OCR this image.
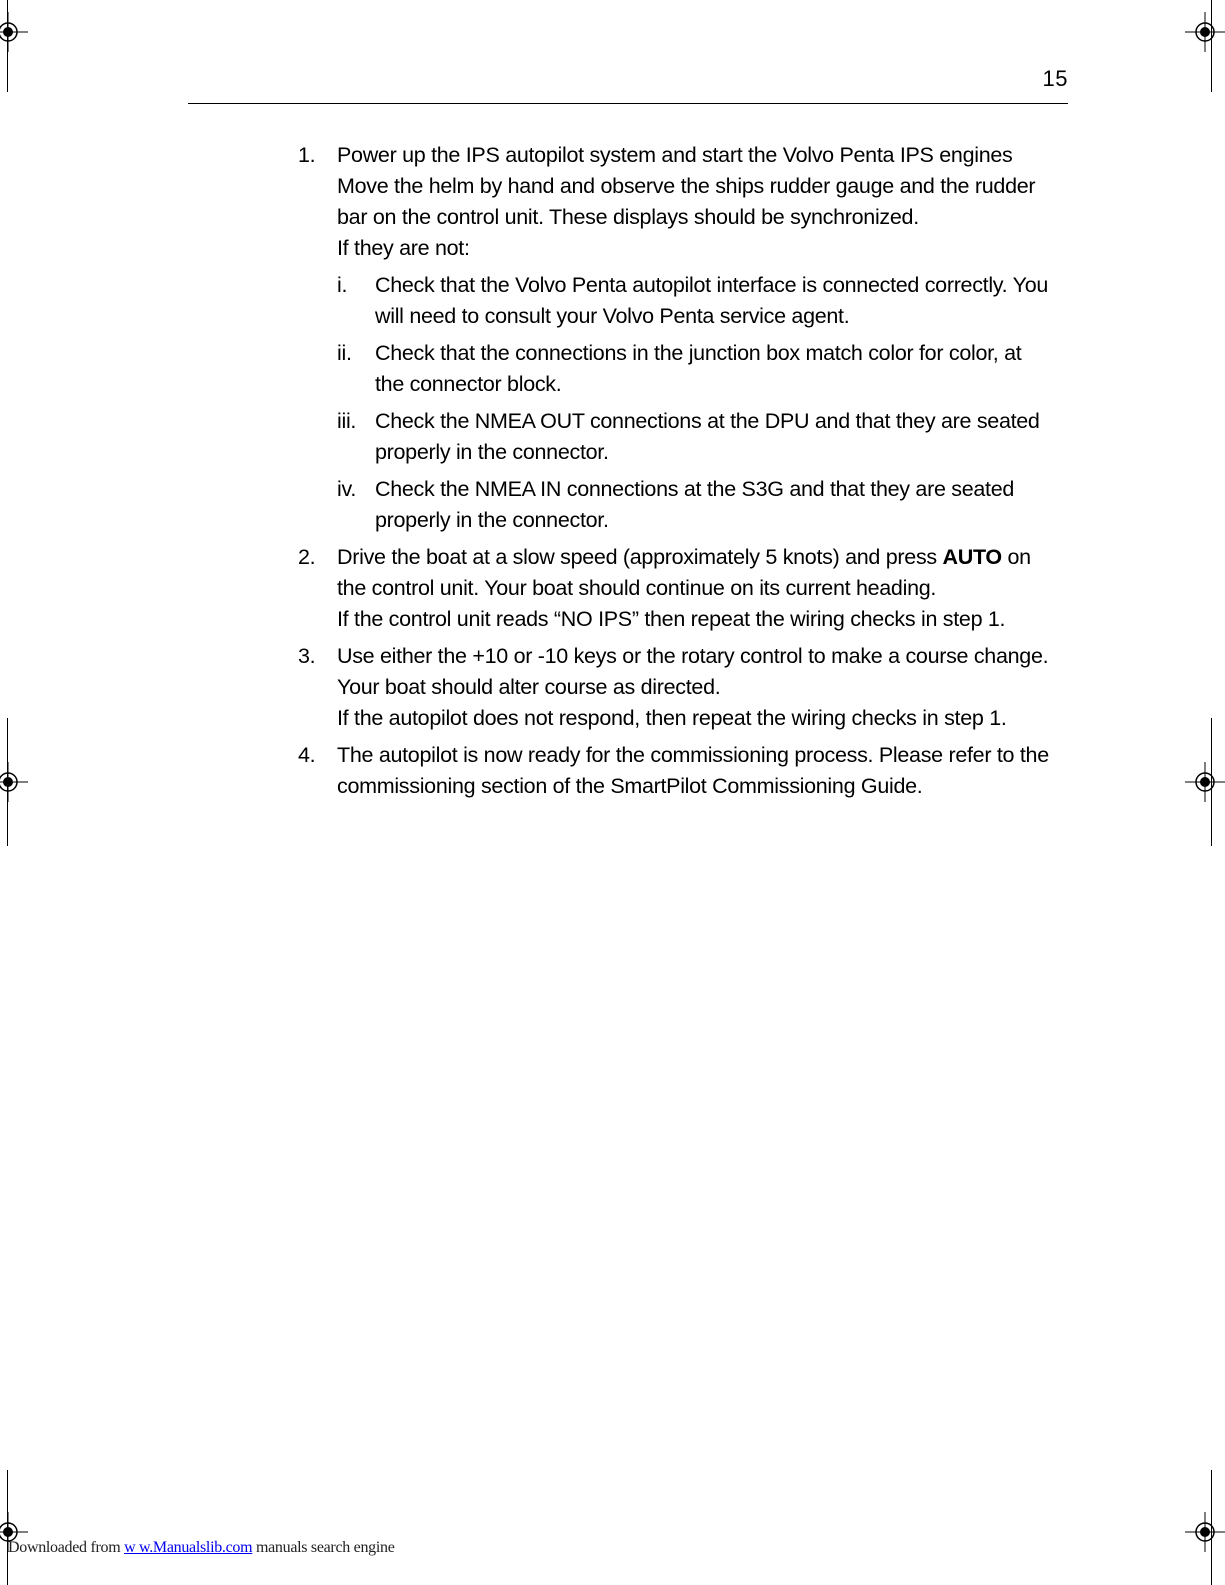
15
1. Power up the IPS autopilot system and start the Volvo Penta IPS engines
Move the helm by hand and observe the ships rudder gauge and the rudder
bar on the control unit. These displays should be synchronized.
If they are not:
i. Check that the Volvo Penta autopilot interface is connected correctly. You
will need to consult your Volvo Penta service agent.
ii. Check that the connections in the junction box match color for color, at
the connector block.
iii. Check the NMEA OUT connections at the DPU and that they are seated
properly in the connector.
iv. Check the NMEA IN connections at the S3G and that they are seated
properly in the connector.
2. Drive the boat at a slow speed (approximately 5 knots) and press AUTO on
the control unit. Your boat should continue on its current heading.
If the control unit reads “NO IPS” then repeat the wiring checks in step 1.
3. Use either the +10 or -10 keys or the rotary control to make a course change.
Your boat should alter course as directed.
If the autopilot does not respond, then repeat the wiring checks in step 1.
4. The autopilot is now ready for the commissioning process. Please refer to the
commissioning section of the SmartPilot Commissioning Guide.
Downloaded from w w.Manualslib.com manuals search engine
